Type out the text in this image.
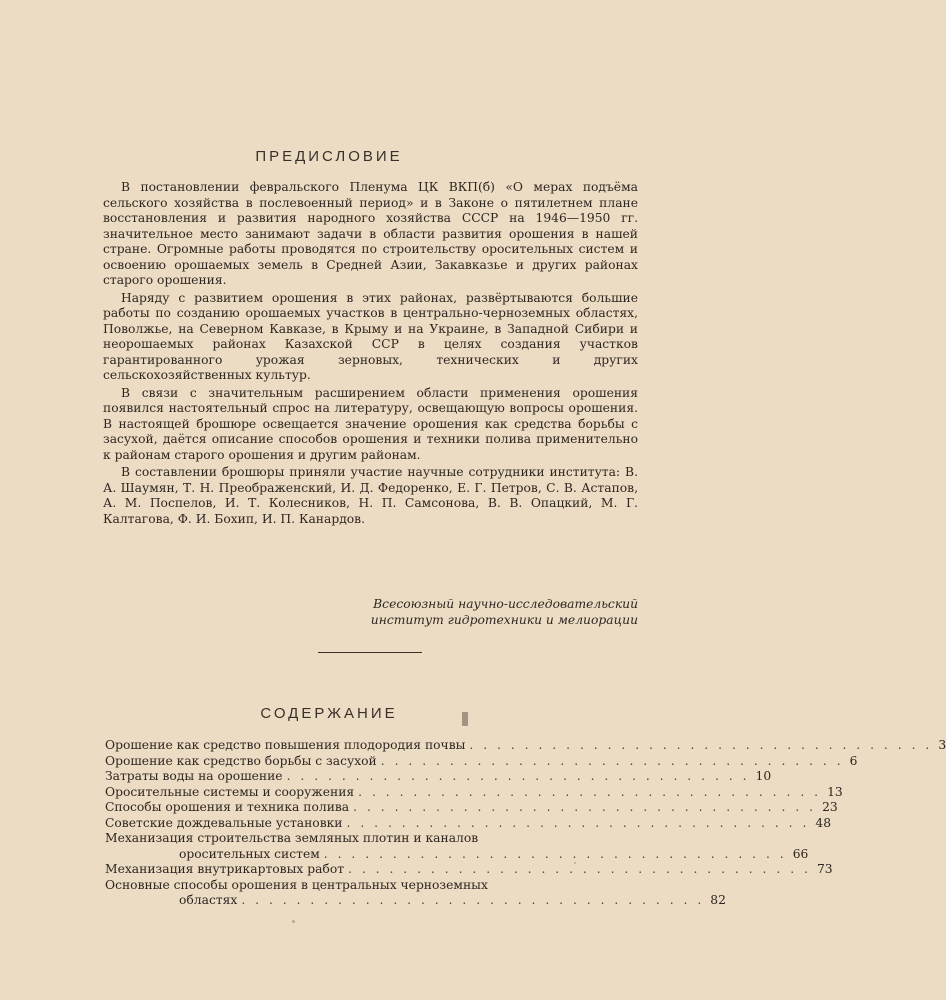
ПРЕДИСЛОВИЕ

В постановлении февральского Пленума ЦК ВКП(б) «О мерах подъёма сельского хозяйства в послевоенный период» и в Законе о пятилетнем плане восстановления и развития народного хозяйства СССР на 1946—1950 гг. значительное место занимают задачи в области развития орошения в нашей стране. Огромные работы проводятся по строительству оросительных систем и освоению орошаемых земель в Средней Азии, Закавказье и других районах старого орошения.

Наряду с развитием орошения в этих районах, развёртываются большие работы по созданию орошаемых участков в центрально-черноземных областях, Поволжье, на Северном Кавказе, в Крыму и на Украине, в Западной Сибири и неорошаемых районах Казахской ССР в целях создания участков гарантированного урожая зерновых, технических и других сельскохозяйственных культур.

В связи с значительным расширением области применения орошения появился настоятельный спрос на литературу, освещающую вопросы орошения. В настоящей брошюре освещается значение орошения как средства борьбы с засухой, даётся описание способов орошения и техники полива применительно к районам старого орошения и другим районам.

В составлении брошюры приняли участие научные сотрудники института: В. А. Шаумян, Т. Н. Преображенский, И. Д. Федоренко, Е. Г. Петров, С. В. Астапов, А. М. Поспелов, И. Т. Колесников, Н. П. Самсонова, В. В. Опацкий, М. Г. Калтагова, Ф. И. Бохип, И. П. Канардов.

Всесоюзный научно-исследовательский
институт гидротехники и мелиорации
СОДЕРЖАНИЕ
Орошение как средство повышения плодородия почвы . . . . . . . . . . . . . . . . . . . . . . . . . . . . . . . . . . 3
Орошение как средство борьбы с засухой . . . . . . . . . . . . . . . . . . . . . . . . . . . . . . . . . . 6
Затраты воды на орошение . . . . . . . . . . . . . . . . . . . . . . . . . . . . . . . . . . 10
Оросительные системы и сооружения . . . . . . . . . . . . . . . . . . . . . . . . . . . . . . . . . . 13
Способы орошения и техника полива . . . . . . . . . . . . . . . . . . . . . . . . . . . . . . . . . . 23
Советские дождевальные установки . . . . . . . . . . . . . . . . . . . . . . . . . . . . . . . . . . 48
Механизация строительства земляных плотин и каналов
оросительных систем . . . . . . . . . . . . . . . . . . . . . . . . . . . . . . . . . . 66
Механизация внутрикартовых работ . . . . . . . . . . . . . . . . . . . . . . . . . . . . . . . . . . 73
Основные способы орошения в центральных черноземных
областях . . . . . . . . . . . . . . . . . . . . . . . . . . . . . . . . . . 82
